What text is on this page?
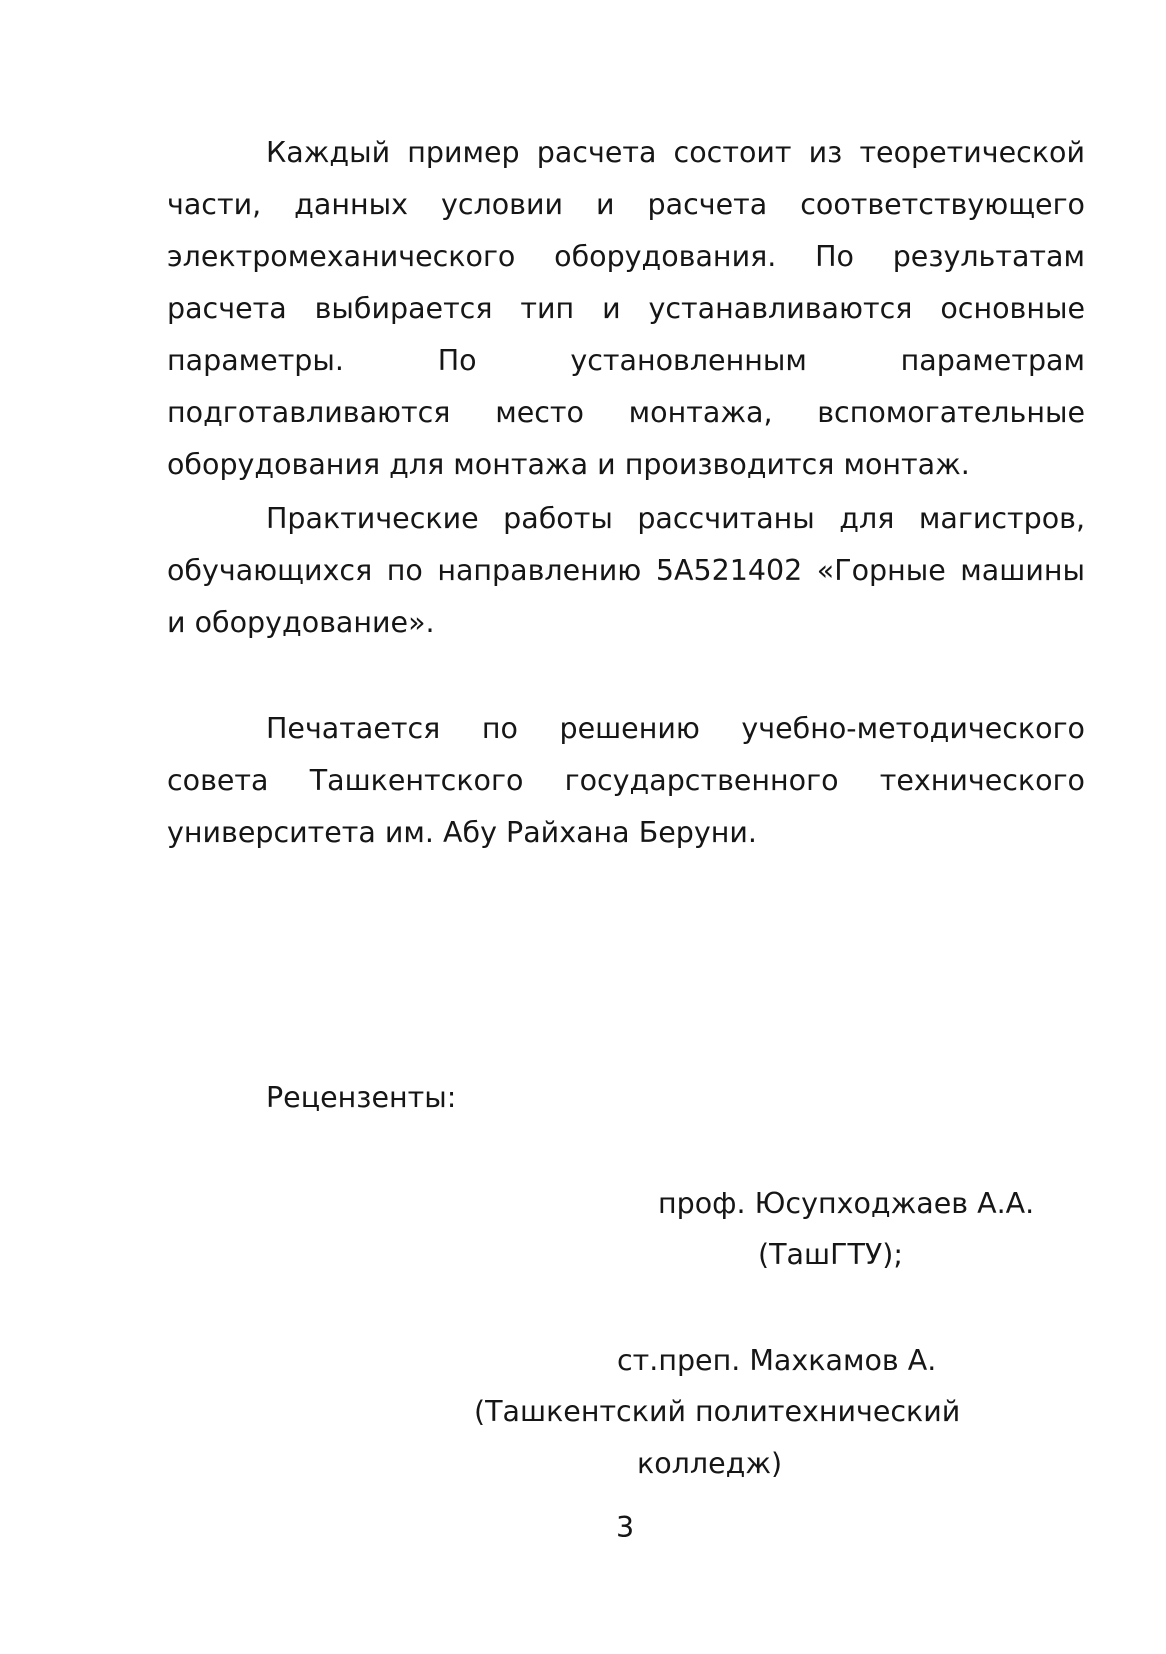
Каждый пример расчета состоит из теоретической
части, данных условии и расчета соответствующего
электромеханического оборудования. По результатам
расчета выбирается тип и устанавливаются основные
параметры. По установленным параметрам
подготавливаются место монтажа, вспомогательные
оборудования для монтажа и производится монтаж.
Практические работы рассчитаны для магистров,
обучающихся по направлению 5А521402 «Горные машины
и оборудование».
Печатается по решению учебно-методического
совета Ташкентского государственного технического
университета им. Абу Райхана Беруни.

Рецензенты:

проф. Юсупходжаев А.А.

(ТашГТУ);

ст.преп. Махкамов А.

(Ташкентский политехнический

колледж)

3
